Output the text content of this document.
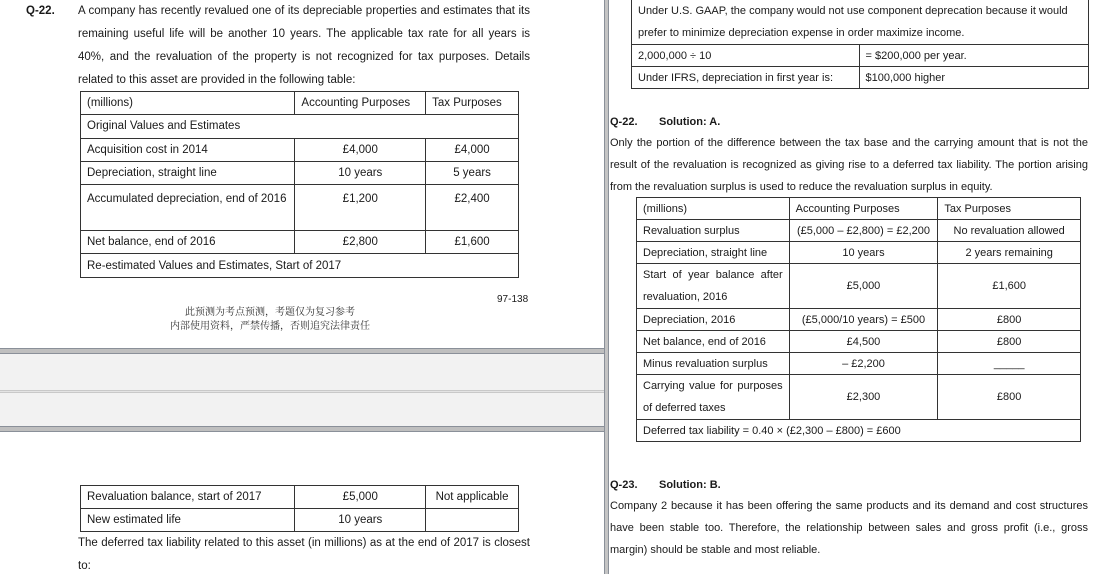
Q-22. A company has recently revalued one of its depreciable properties and estimates that its remaining useful life will be another 10 years. The applicable tax rate for all years is 40%, and the revaluation of the property is not recognized for tax purposes. Details related to this asset are provided in the following table:
(millions)	Accounting Purposes	Tax Purposes
Original Values and Estimates		
Acquisition cost in 2014	£4,000	£4,000
Depreciation, straight line	10 years	5 years
Accumulated depreciation, end of 2016	£1,200	£2,400
Net balance, end of 2016	£2,800	£1,600
Re-estimated Values and Estimates, Start of 2017		
97-138
此预测为考点预测，考题仅为复习参考
内部使用资料，严禁传播，否则追究法律责任
Revaluation balance, start of 2017	£5,000	Not applicable
New estimated life	10 years	
The deferred tax liability related to this asset (in millions) as at the end of 2017 is closest to:
Under U.S. GAAP, the company would not use component deprecation because it would prefer to minimize depreciation expense in order maximize income.	
2,000,000 ÷ 10	= $200,000 per year.
Under IFRS, depreciation in first year is:	$100,000 higher
Q-22. Solution: A.
Only the portion of the difference between the tax base and the carrying amount that is not the result of the revaluation is recognized as giving rise to a deferred tax liability. The portion arising from the revaluation surplus is used to reduce the revaluation surplus in equity.
(millions)	Accounting Purposes	Tax Purposes
Revaluation surplus	(£5,000 – £2,800) = £2,200	No revaluation allowed
Depreciation, straight line	10 years	2 years remaining
Start of year balance after revaluation, 2016	£5,000	£1,600
Depreciation, 2016	(£5,000/10 years) = £500	£800
Net balance, end of 2016	£4,500	£800
Minus revaluation surplus	– £2,200	_____
Carrying value for purposes of deferred taxes	£2,300	£800
Deferred tax liability = 0.40 × (£2,300 – £800) = £600		
Q-23. Solution: B.
Company 2 because it has been offering the same products and its demand and cost structures have been stable too. Therefore, the relationship between sales and gross profit (i.e., gross margin) should be stable and most reliable.
